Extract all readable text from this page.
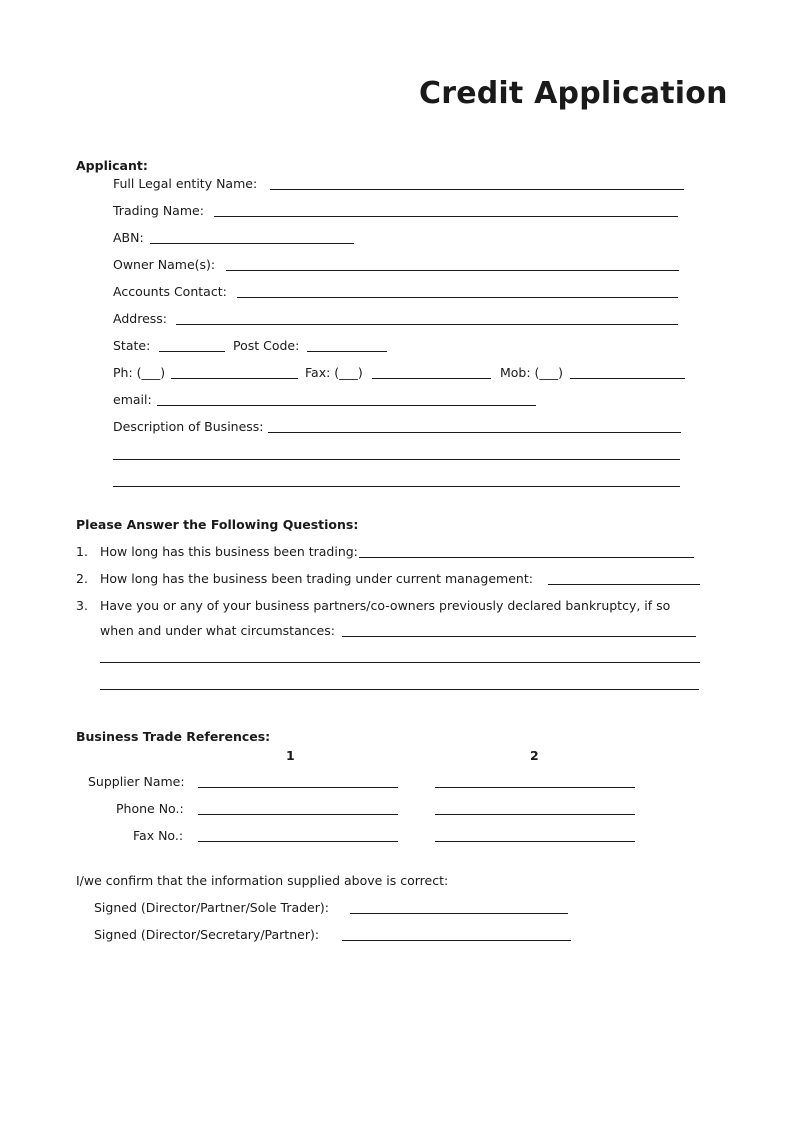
Credit Application
Applicant:
Full Legal entity Name:
Trading Name:
ABN:
Owner Name(s):
Accounts Contact:
Address:
State:	Post Code:
Ph: (___)	Fax: (___)	Mob: (___)
email:
Description of Business:
Please Answer the Following Questions:
1. How long has this business been trading:
2. How long has the business been trading under current management:
3. Have you or any of your business partners/co-owners previously declared bankruptcy, if so
when and under what circumstances:
Business Trade References:
1	2
Supplier Name:
Phone No.:
Fax No.:
I/we confirm that the information supplied above is correct:
Signed (Director/Partner/Sole Trader):
Signed (Director/Secretary/Partner):
